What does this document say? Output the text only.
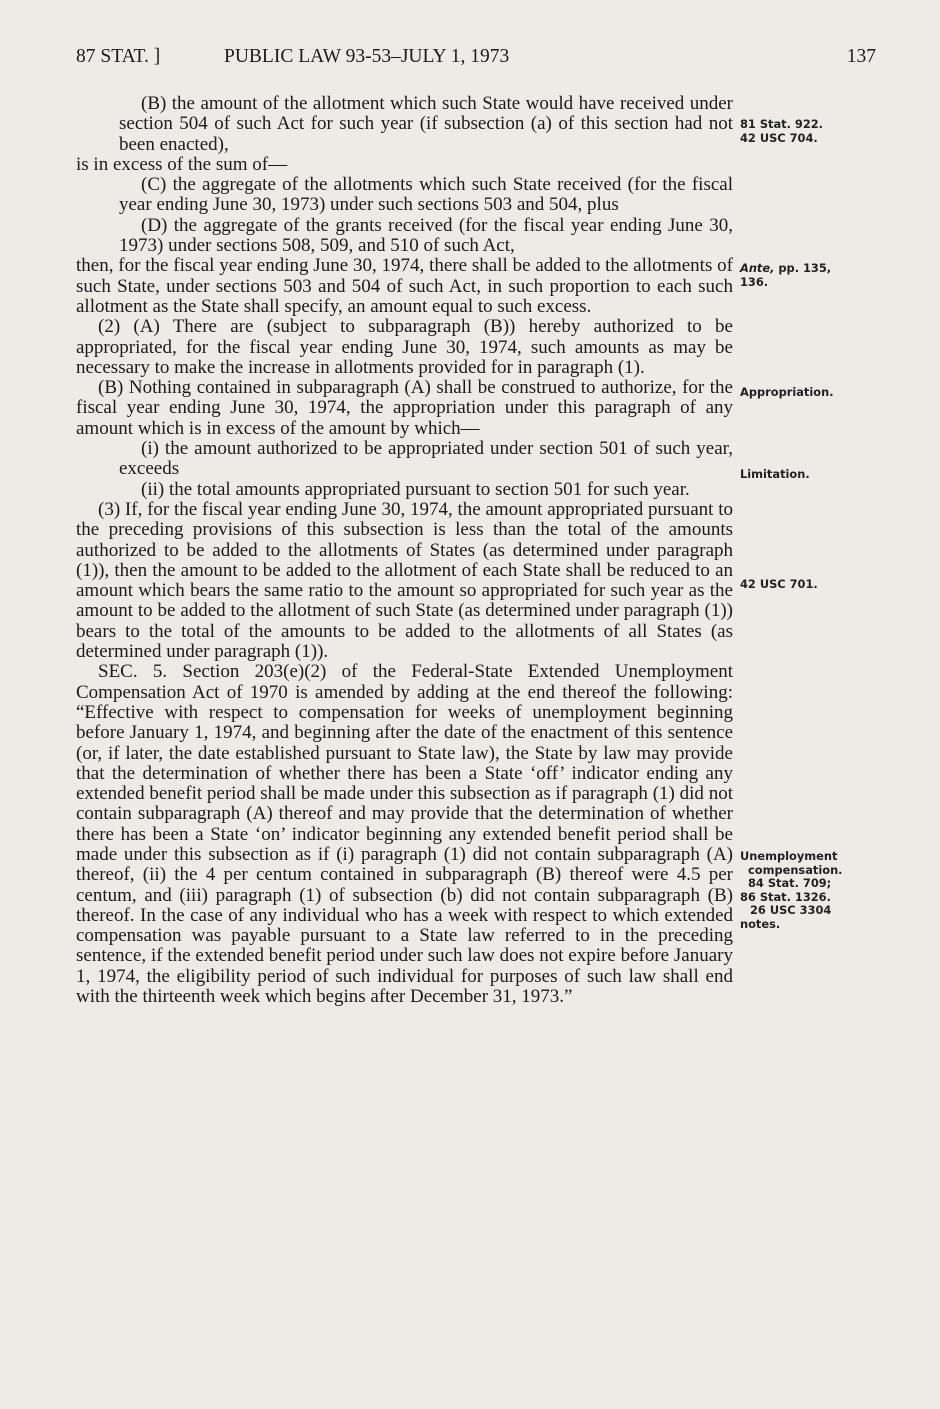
87 STAT. ]	PUBLIC LAW 93-53–JULY 1, 1973	137

(B) the amount of the allotment which such State would have received under section 504 of such Act for such year (if subsection (a) of this section had not been enacted),

is in excess of the sum of—

(C) the aggregate of the allotments which such State received (for the fiscal year ending June 30, 1973) under such sections 503 and 504, plus

(D) the aggregate of the grants received (for the fiscal year ending June 30, 1973) under sections 508, 509, and 510 of such Act,

then, for the fiscal year ending June 30, 1974, there shall be added to the allotments of such State, under sections 503 and 504 of such Act, in such proportion to each such allotment as the State shall specify, an amount equal to such excess.

(2) (A) There are (subject to subparagraph (B)) hereby authorized to be appropriated, for the fiscal year ending June 30, 1974, such amounts as may be necessary to make the increase in allotments provided for in paragraph (1).

(B) Nothing contained in subparagraph (A) shall be construed to authorize, for the fiscal year ending June 30, 1974, the appropriation under this paragraph of any amount which is in excess of the amount by which—

(i) the amount authorized to be appropriated under section 501 of such year, exceeds

(ii) the total amounts appropriated pursuant to section 501 for such year.

(3) If, for the fiscal year ending June 30, 1974, the amount appropriated pursuant to the preceding provisions of this subsection is less than the total of the amounts authorized to be added to the allotments of States (as determined under paragraph (1)), then the amount to be added to the allotment of each State shall be reduced to an amount which bears the same ratio to the amount so appropriated for such year as the amount to be added to the allotment of such State (as determined under paragraph (1)) bears to the total of the amounts to be added to the allotments of all States (as determined under paragraph (1)).

SEC. 5. Section 203(e)(2) of the Federal-State Extended Unemployment Compensation Act of 1970 is amended by adding at the end thereof the following: “Effective with respect to compensation for weeks of unemployment beginning before January 1, 1974, and beginning after the date of the enactment of this sentence (or, if later, the date established pursuant to State law), the State by law may provide that the determination of whether there has been a State ‘off’ indicator ending any extended benefit period shall be made under this subsection as if paragraph (1) did not contain subparagraph (A) thereof and may provide that the determination of whether there has been a State ‘on’ indicator beginning any extended benefit period shall be made under this subsection as if (i) paragraph (1) did not contain subparagraph (A) thereof, (ii) the 4 per centum contained in subparagraph (B) thereof were 4.5 per centum, and (iii) paragraph (1) of subsection (b) did not contain subparagraph (B) thereof. In the case of any individual who has a week with respect to which extended compensation was payable pursuant to a State law referred to in the preceding sentence, if the extended benefit period under such law does not expire before January 1, 1974, the eligibility period of such individual for purposes of such law shall end with the thirteenth week which begins after December 31, 1973.”

81 Stat. 922.
42 USC 704.
Ante, pp. 135,
136.
Appropriation.
Limitation.
42 USC 701.
Unemployment
compensation.
84 Stat. 709;
86 Stat. 1326.
26 USC 3304
notes.
